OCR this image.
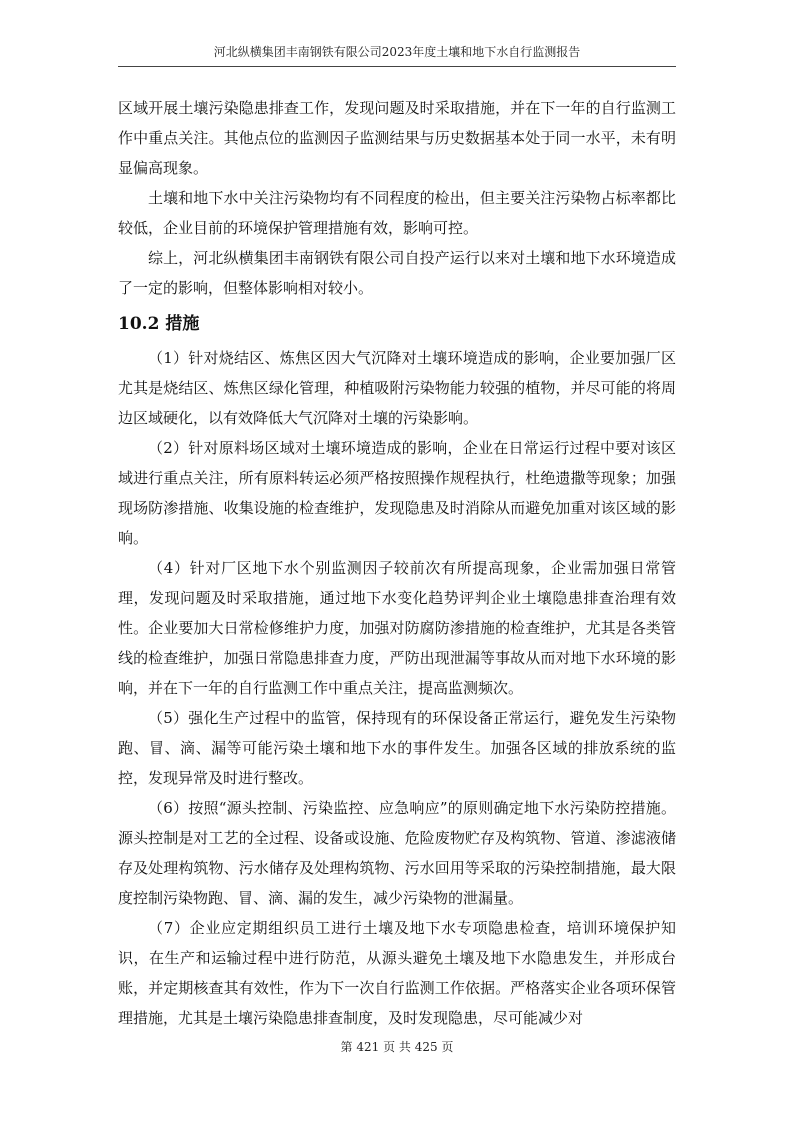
河北纵横集团丰南钢铁有限公司2023年度土壤和地下水自行监测报告

区域开展土壤污染隐患排查工作，发现问题及时采取措施，并在下一年的自行监测工作中重点关注。其他点位的监测因子监测结果与历史数据基本处于同一水平，未有明显偏高现象。

土壤和地下水中关注污染物均有不同程度的检出，但主要关注污染物占标率都比较低，企业目前的环境保护管理措施有效，影响可控。

综上，河北纵横集团丰南钢铁有限公司自投产运行以来对土壤和地下水环境造成了一定的影响，但整体影响相对较小。

10.2 措施

（1）针对烧结区、炼焦区因大气沉降对土壤环境造成的影响，企业要加强厂区尤其是烧结区、炼焦区绿化管理，种植吸附污染物能力较强的植物，并尽可能的将周边区域硬化，以有效降低大气沉降对土壤的污染影响。

（2）针对原料场区域对土壤环境造成的影响，企业在日常运行过程中要对该区域进行重点关注，所有原料转运必须严格按照操作规程执行，杜绝遗撒等现象；加强现场防渗措施、收集设施的检查维护，发现隐患及时消除从而避免加重对该区域的影响。

（4）针对厂区地下水个别监测因子较前次有所提高现象，企业需加强日常管理，发现问题及时采取措施，通过地下水变化趋势评判企业土壤隐患排查治理有效性。企业要加大日常检修维护力度，加强对防腐防渗措施的检查维护，尤其是各类管线的检查维护，加强日常隐患排查力度，严防出现泄漏等事故从而对地下水环境的影响，并在下一年的自行监测工作中重点关注，提高监测频次。

（5）强化生产过程中的监管，保持现有的环保设备正常运行，避免发生污染物跑、冒、滴、漏等可能污染土壤和地下水的事件发生。加强各区域的排放系统的监控，发现异常及时进行整改。

（6）按照“源头控制、污染监控、应急响应”的原则确定地下水污染防控措施。源头控制是对工艺的全过程、设备或设施、危险废物贮存及构筑物、管道、渗滤液储存及处理构筑物、污水储存及处理构筑物、污水回用等采取的污染控制措施，最大限度控制污染物跑、冒、滴、漏的发生，减少污染物的泄漏量。

（7）企业应定期组织员工进行土壤及地下水专项隐患检查，培训环境保护知识，在生产和运输过程中进行防范，从源头避免土壤及地下水隐患发生，并形成台账，并定期核查其有效性，作为下一次自行监测工作依据。严格落实企业各项环保管理措施，尤其是土壤污染隐患排查制度，及时发现隐患，尽可能减少对

第 421 页 共 425 页
